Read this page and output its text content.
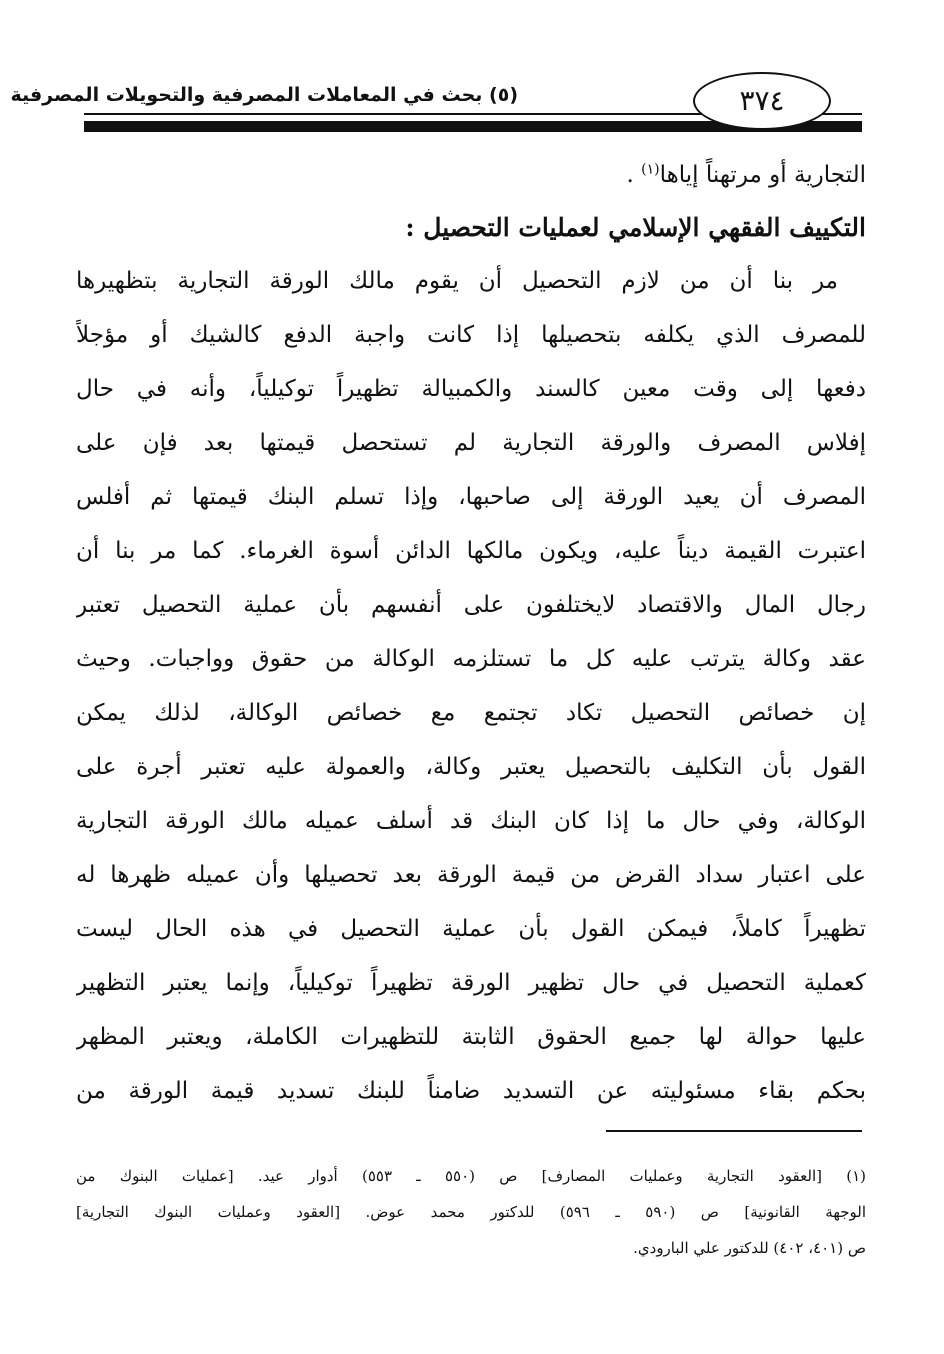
(٥) بحث في المعاملات المصرفية والتحويلات المصرفية	٣٧٤
التجارية أو مرتهناً إياها$^{(١)}$ .
التكييف الفقهي الإسلامي لعمليات التحصيل :
مر بنا أن من لازم التحصيل أن يقوم مالك الورقة التجارية بتظهيرها
للمصرف الذي يكلفه بتحصيلها إذا كانت واجبة الدفع كالشيك أو مؤجلاً
دفعها إلى وقت معين كالسند والكمبيالة تظهيراً توكيلياً، وأنه في حال
إفلاس المصرف والورقة التجارية لم تستحصل قيمتها بعد فإن على
المصرف أن يعيد الورقة إلى صاحبها، وإذا تسلم البنك قيمتها ثم أفلس
اعتبرت القيمة ديناً عليه، ويكون مالكها الدائن أسوة الغرماء. كما مر بنا أن
رجال المال والاقتصاد لايختلفون على أنفسهم بأن عملية التحصيل تعتبر
عقد وكالة يترتب عليه كل ما تستلزمه الوكالة من حقوق وواجبات. وحيث
إن خصائص التحصيل تكاد تجتمع مع خصائص الوكالة، لذلك يمكن
القول بأن التكليف بالتحصيل يعتبر وكالة، والعمولة عليه تعتبر أجرة على
الوكالة، وفي حال ما إذا كان البنك قد أسلف عميله مالك الورقة التجارية
على اعتبار سداد القرض من قيمة الورقة بعد تحصيلها وأن عميله ظهرها له
تظهيراً كاملاً، فيمكن القول بأن عملية التحصيل في هذه الحال ليست
كعملية التحصيل في حال تظهير الورقة تظهيراً توكيلياً، وإنما يعتبر التظهير
عليها حوالة لها جميع الحقوق الثابتة للتظهيرات الكاملة، ويعتبر المظهر
بحكم بقاء مسئوليته عن التسديد ضامناً للبنك تسديد قيمة الورقة من
(١) [العقود التجارية وعمليات المصارف] ص (٥٥٠ ـ ٥٥٣) أدوار عيد. [عمليات البنوك من
الوجهة القانونية] ص (٥٩٠ ـ ٥٩٦) للدكتور محمد عوض. [العقود وعمليات البنوك التجارية]
ص (٤٠١، ٤٠٢) للدكتور علي البارودي.
